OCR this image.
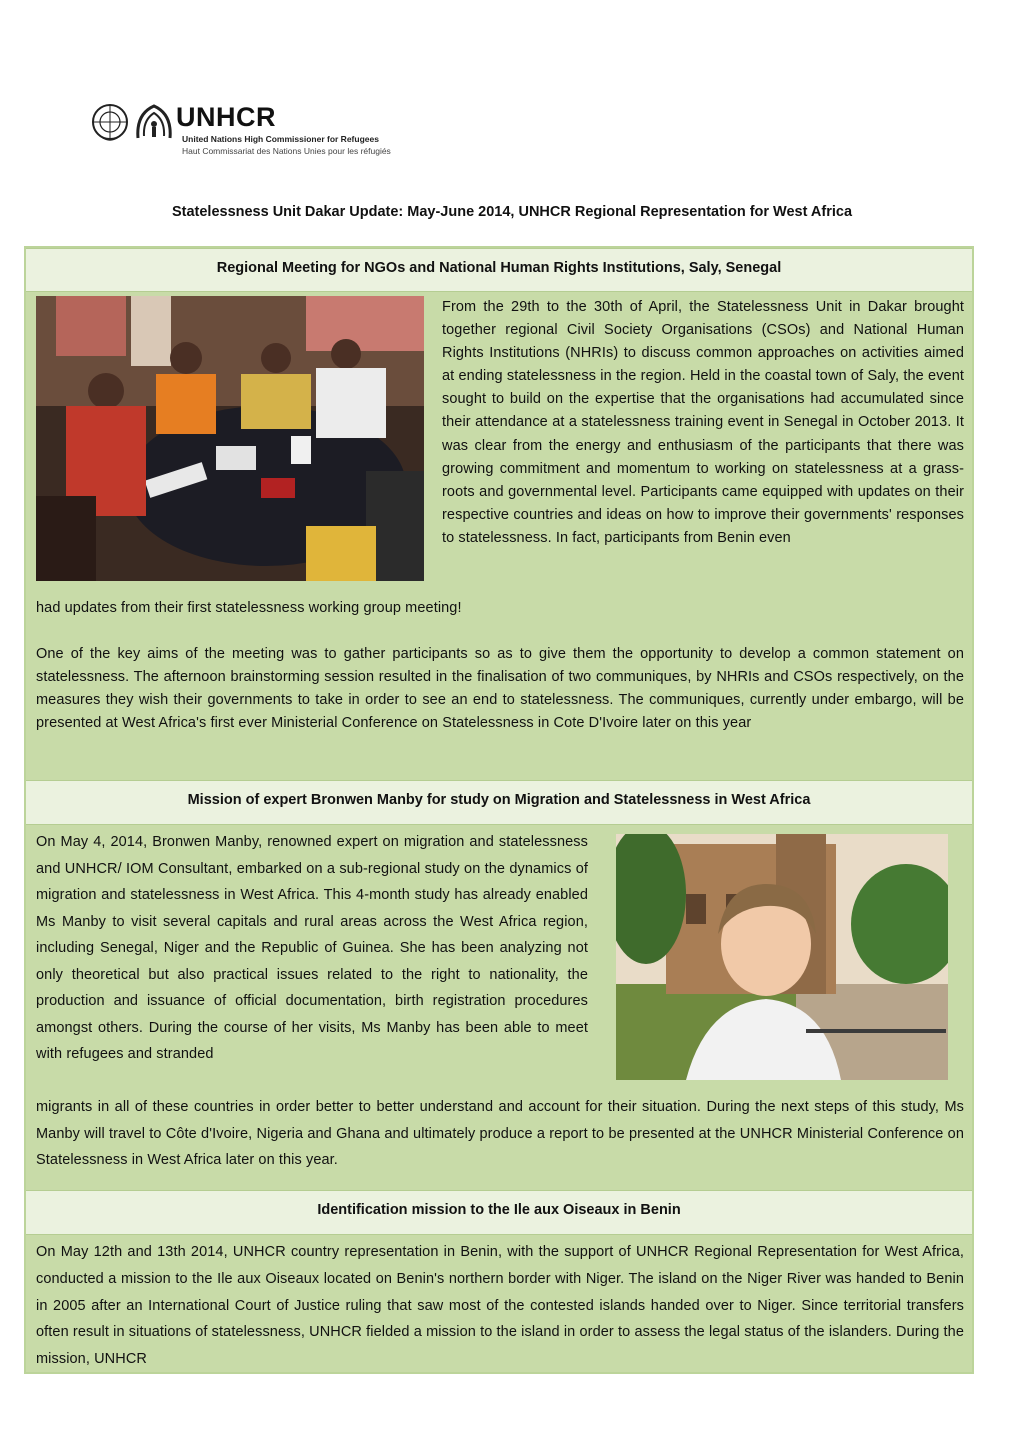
UNHCR
United Nations High Commissioner for Refugees
Haut Commissariat des Nations Unies pour les réfugiés
Statelessness Unit Dakar Update: May-June 2014, UNHCR Regional Representation for West Africa
Regional Meeting for NGOs and National Human Rights Institutions, Saly, Senegal

From the 29th to the 30th of April, the Statelessness Unit in Dakar brought together regional Civil Society Organisations (CSOs) and National Human Rights Institutions (NHRIs) to discuss common approaches on activities aimed at ending statelessness in the region. Held in the coastal town of Saly, the event sought to build on the expertise that the organisations had accumulated since their attendance at a statelessness training event in Senegal in October 2013. It was clear from the energy and enthusiasm of the participants that there was growing commitment and momentum to working on statelessness at a grass-roots and governmental level. Participants came equipped with updates on their respective countries and ideas on how to improve their governments' responses to statelessness. In fact, participants from Benin even

had updates from their first statelessness working group meeting!

One of the key aims of the meeting was to gather participants so as to give them the opportunity to develop a common statement on statelessness. The afternoon brainstorming session resulted in the finalisation of two communiques, by NHRIs and CSOs respectively, on the measures they wish their governments to take in order to see an end to statelessness. The communiques, currently under embargo, will be presented at West Africa's first ever Ministerial Conference on Statelessness in Cote D'Ivoire later on this year

Mission of expert Bronwen Manby for study on Migration and Statelessness in West Africa

On May 4, 2014, Bronwen Manby, renowned expert on migration and statelessness and UNHCR/ IOM Consultant, embarked on a sub-regional study on the dynamics of migration and statelessness in West Africa. This 4-month study has already enabled Ms Manby to visit several capitals and rural areas across the West Africa region, including Senegal, Niger and the Republic of Guinea. She has been analyzing not only theoretical but also practical issues related to the right to nationality, the production and issuance of official documentation, birth registration procedures amongst others. During the course of her visits, Ms Manby has been able to meet with refugees and stranded

migrants in all of these countries in order better to better understand and account for their situation. During the next steps of this study, Ms Manby will travel to Côte d'Ivoire, Nigeria and Ghana and ultimately produce a report to be presented at the UNHCR Ministerial Conference on Statelessness in West Africa later on this year.

Identification mission to the Ile aux Oiseaux in Benin

On May 12th and 13th 2014, UNHCR country representation in Benin, with the support of UNHCR Regional Representation for West Africa, conducted a mission to the Ile aux Oiseaux located on Benin's northern border with Niger. The island on the Niger River was handed to Benin in 2005 after an International Court of Justice ruling that saw most of the contested islands handed over to Niger. Since territorial transfers often result in situations of statelessness, UNHCR fielded a mission to the island in order to assess the legal status of the islanders. During the mission, UNHCR
